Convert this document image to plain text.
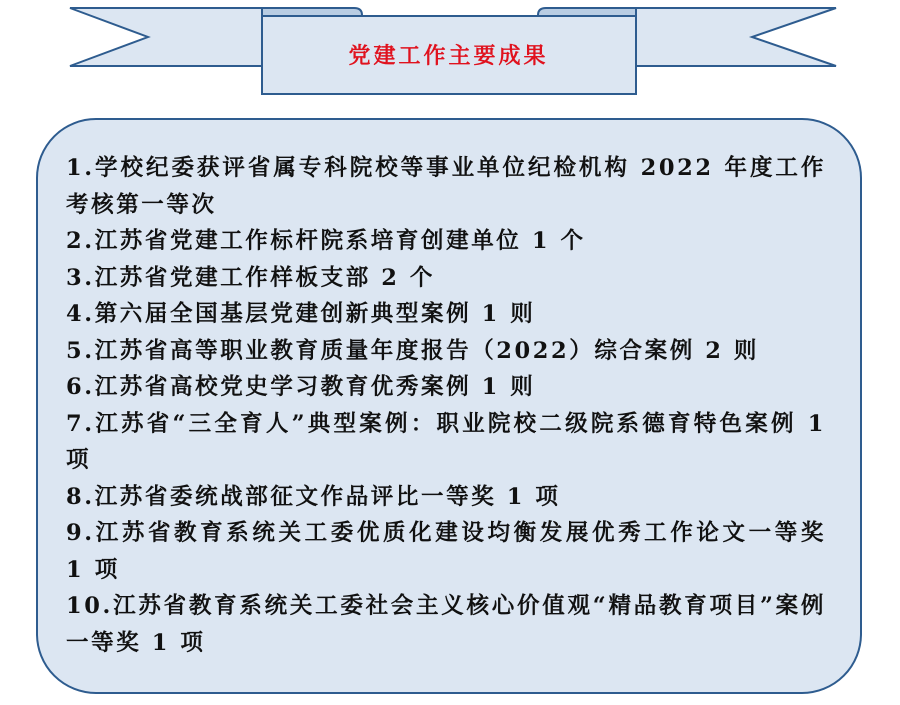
党建工作主要成果
1.学校纪委获评省属专科院校等事业单位纪检机构 2022 年度工作考核第一等次
2.江苏省党建工作标杆院系培育创建单位 1 个
3.江苏省党建工作样板支部 2 个
4.第六届全国基层党建创新典型案例 1 则
5.江苏省高等职业教育质量年度报告（2022）综合案例 2 则
6.江苏省高校党史学习教育优秀案例 1 则
7.江苏省“三全育人”典型案例：职业院校二级院系德育特色案例 1 项
8.江苏省委统战部征文作品评比一等奖 1 项
9.江苏省教育系统关工委优质化建设均衡发展优秀工作论文一等奖 1 项
10.江苏省教育系统关工委社会主义核心价值观“精品教育项目”案例一等奖 1 项
